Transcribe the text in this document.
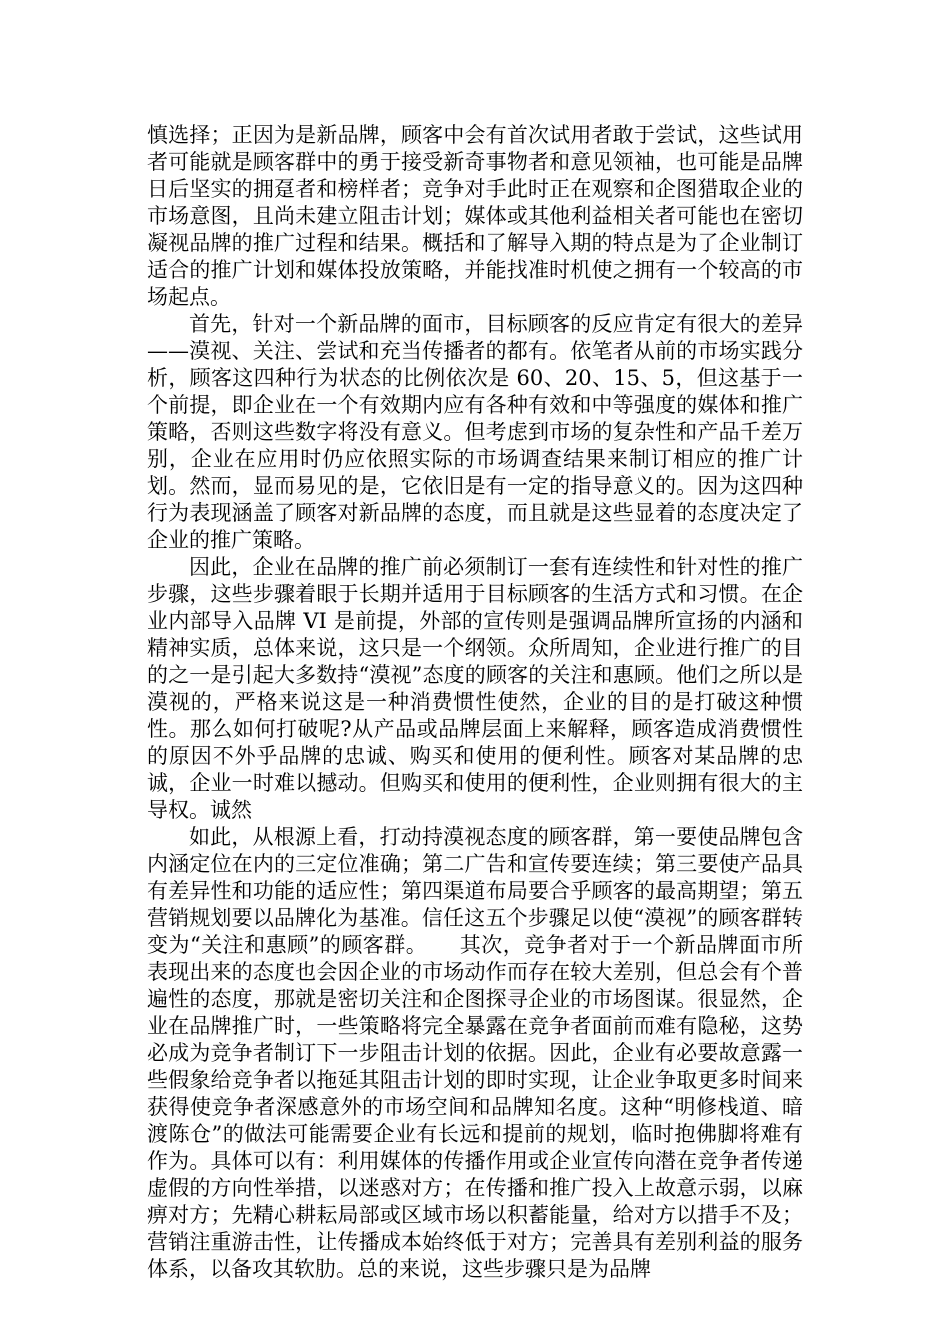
慎选择；正因为是新品牌，顾客中会有首次试用者敢于尝试，这些试用者可能就是顾客群中的勇于接受新奇事物者和意见领袖，也可能是品牌日后坚实的拥趸者和榜样者；竞争对手此时正在观察和企图猎取企业的市场意图，且尚未建立阻击计划；媒体或其他利益相关者可能也在密切凝视品牌的推广过程和结果。概括和了解导入期的特点是为了企业制订适合的推广计划和媒体投放策略，并能找准时机使之拥有一个较高的市场起点。

首先，针对一个新品牌的面市，目标顾客的反应肯定有很大的差异——漠视、关注、尝试和充当传播者的都有。依笔者从前的市场实践分析，顾客这四种行为状态的比例依次是 60、20、15、5，但这基于一个前提，即企业在一个有效期内应有各种有效和中等强度的媒体和推广策略，否则这些数字将没有意义。但考虑到市场的复杂性和产品千差万别，企业在应用时仍应依照实际的市场调查结果来制订相应的推广计划。然而，显而易见的是，它依旧是有一定的指导意义的。因为这四种行为表现涵盖了顾客对新品牌的态度，而且就是这些显着的态度决定了企业的推广策略。

因此，企业在品牌的推广前必须制订一套有连续性和针对性的推广步骤，这些步骤着眼于长期并适用于目标顾客的生活方式和习惯。在企业内部导入品牌 VI 是前提，外部的宣传则是强调品牌所宣扬的内涵和精神实质，总体来说，这只是一个纲领。众所周知，企业进行推广的目的之一是引起大多数持“漠视”态度的顾客的关注和惠顾。他们之所以是漠视的，严格来说这是一种消费惯性使然，企业的目的是打破这种惯性。那么如何打破呢?从产品或品牌层面上来解释，顾客造成消费惯性的原因不外乎品牌的忠诚、购买和使用的便利性。顾客对某品牌的忠诚，企业一时难以撼动。但购买和使用的便利性，企业则拥有很大的主导权。诚然

如此，从根源上看，打动持漠视态度的顾客群，第一要使品牌包含内涵定位在内的三定位准确；第二广告和宣传要连续；第三要使产品具有差异性和功能的适应性；第四渠道布局要合乎顾客的最高期望；第五营销规划要以品牌化为基准。信任这五个步骤足以使“漠视”的顾客群转变为“关注和惠顾”的顾客群。　　其次，竞争者对于一个新品牌面市所表现出来的态度也会因企业的市场动作而存在较大差别，但总会有个普遍性的态度，那就是密切关注和企图探寻企业的市场图谋。很显然，企业在品牌推广时，一些策略将完全暴露在竞争者面前而难有隐秘，这势必成为竞争者制订下一步阻击计划的依据。因此，企业有必要故意露一些假象给竞争者以拖延其阻击计划的即时实现，让企业争取更多时间来获得使竞争者深感意外的市场空间和品牌知名度。这种“明修栈道、暗渡陈仓”的做法可能需要企业有长远和提前的规划，临时抱佛脚将难有作为。具体可以有：利用媒体的传播作用或企业宣传向潜在竞争者传递虚假的方向性举措，以迷惑对方；在传播和推广投入上故意示弱，以麻痹对方；先精心耕耘局部或区域市场以积蓄能量，给对方以措手不及；营销注重游击性，让传播成本始终低于对方；完善具有差别利益的服务体系，以备攻其软肋。总的来说，这些步骤只是为品牌
